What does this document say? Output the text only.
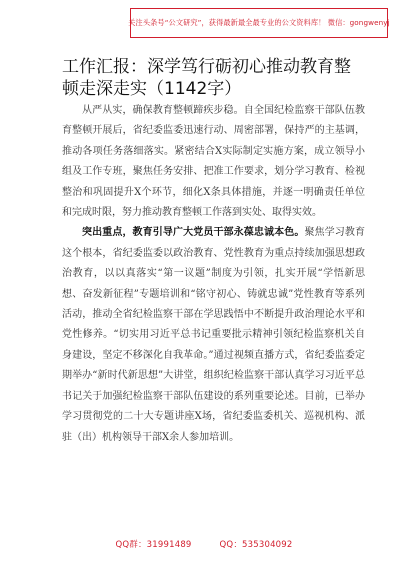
关注头条号“公文研究”，获得最新最全最专业的公文资料库！ 微信：gongwenyj
工作汇报：深学笃行砺初心推动教育整顿走深走实（1142字）

从严从实，确保教育整顿蹄疾步稳。自全国纪检监察干部队伍教育整顿开展后，省纪委监委迅速行动、周密部署，保持严的主基调，推动各项任务落细落实。紧密结合X实际制定实施方案，成立领导小组及工作专班，聚焦任务安排、把准工作要求，划分学习教育、检视整治和巩固提升X个环节，细化X条具体措施，并逐一明确责任单位和完成时限，努力推动教育整顿工作落到实处、取得实效。

突出重点，教育引导广大党员干部永葆忠诚本色。聚焦学习教育这个根本，省纪委监委以政治教育、党性教育为重点持续加强思想政治教育，以以真落实“第一议题”制度为引领，扎实开展“学悟新思想、奋发新征程”专题培训和“铭守初心、铸就忠诚”党性教育等系列活动，推动全省纪检监察干部在学思践悟中不断提升政治理论水平和党性修养。“切实用习近平总书记重要批示精神引领纪检监察机关自身建设，坚定不移深化自我革命。”通过视频直播方式，省纪委监委定期举办“新时代新思想”大讲堂，组织纪检监察干部认真学习习近平总书记关于加强纪检监察干部队伍建设的系列重要论述。目前，已举办学习贯彻党的二十大专题讲座X场，省纪委监委机关、巡视机构、派驻（出）机构领导干部X余人参加培训。

QQ群：31991489	QQ：535304092
